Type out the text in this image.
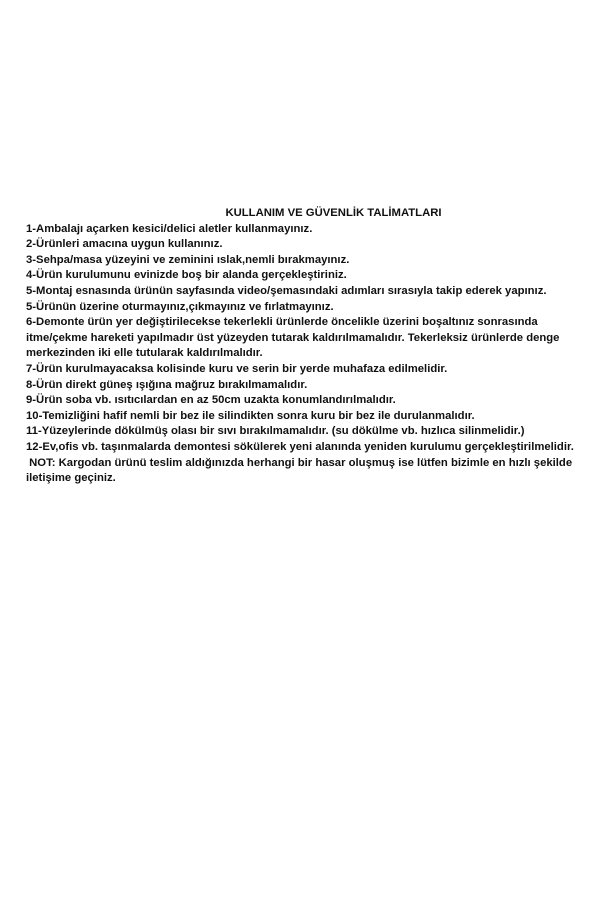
KULLANIM VE GÜVENLİK TALİMATLARI
1-Ambalajı açarken kesici/delici aletler kullanmayınız.
2-Ürünleri amacına uygun kullanınız.
3-Sehpa/masa yüzeyini ve zeminini ıslak,nemli bırakmayınız.
4-Ürün kurulumunu evinizde boş bir alanda gerçekleştiriniz.
5-Montaj esnasında ürünün sayfasında video/şemasındaki adımları sırasıyla takip ederek yapınız.
5-Ürünün üzerine oturmayınız,çıkmayınız ve fırlatmayınız.
6-Demonte ürün yer değiştirilecekse tekerlekli ürünlerde öncelikle üzerini boşaltınız sonrasında
itme/çekme hareketi yapılmadır üst yüzeyden tutarak kaldırılmamalıdır. Tekerleksiz ürünlerde denge
merkezinden iki elle tutularak kaldırılmalıdır.
7-Ürün kurulmayacaksa kolisinde kuru ve serin bir yerde muhafaza edilmelidir.
8-Ürün direkt güneş ışığına mağruz bırakılmamalıdır.
9-Ürün soba vb. ısıtıcılardan en az 50cm uzakta konumlandırılmalıdır.
10-Temizliğini hafif nemli bir bez ile silindikten sonra kuru bir bez ile durulanmalıdır.
11-Yüzeylerinde dökülmüş olası bir sıvı bırakılmamalıdır. (su dökülme vb. hızlıca silinmelidir.)
12-Ev,ofis vb. taşınmalarda demontesi sökülerek yeni alanında yeniden kurulumu gerçekleştirilmelidir.
NOT: Kargodan ürünü teslim aldığınızda herhangi bir hasar oluşmuş ise lütfen bizimle en hızlı şekilde
iletişime geçiniz.
